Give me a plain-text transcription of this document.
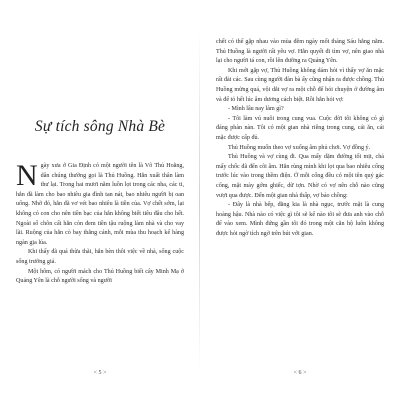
Sự tích sông Nhà Bè

Ngày xưa ở Gia Định có một người tên là Võ Thủ Hoằng, dân chúng thường gọi là Thủ Huồng. Hắn xuất thân làm thư lại. Trong hai mươi năm luồn lọt trong các nha, các ti, hắn đã làm cho bao nhiêu gia đình tan nát, bao nhiêu người bị oan uổng. Nhờ đó, hắn đã vơ vét bao nhiêu là tiền của. Vợ chết sớm, lại không có con cho nên tiền bạc của hắn không biết tiêu đâu cho hết. Ngoài số chôn cất hắn còn đem tiền tậu ruộng làm nhà và cho vay lãi. Ruộng của hắn cò bay thẳng cánh, mỗi mùa thu hoạch kể hàng ngàn gịa lúa.

Khi thấy đã quá thừa thãi, hắn bèn thôi việc về nhà, sống cuộc sống trưởng giả.

Một hôm, có người mách cho Thủ Huồng biết cây Minh Mạ ở Quảng Yên là chỗ người sống và người

< 5 >

chết có thể gặp nhau vào mùa đêm ngày mốt tháng Sáu hằng năm. Thủ Huồng là người rất yêu vợ. Hắn quyết đi tìm vợ, nên giao nhà lại cho người tá con, rồi lên đường ra Quảng Yên.

Khi mới gặp vợ, Thủ Huồng không dám hỏi vì thấy vợ ăn mặc rất đài các. Sau cùng người đàn bà ấy cũng nhận ra được chồng. Thủ Huồng mừng quá, vội dắt vợ ra một chỗ để hỏi chuyện ở đường âm và để tỏ hết lúc âm dương cách biệt. Rồi hắn hỏi vợ:

- Mình lâu nay làm gì?

- Tôi làm vú nuôi trong cung vua. Cuộc đời tôi không có gì đáng phàn nàn. Tôi có một gian nhà riêng trong cung, cái ăn, cái mặc được cấp đủ.

Thủ Huồng muốn theo vợ xuống âm phủ chơi. Vợ đồng ý.

Thủ Huồng và vợ cùng đi. Qua mấy dặm đường tối mịt, chả mấy chốc đã đến cõi âm. Hắn rùng mình khi lọt qua bao nhiêu cổng trước lúc vào trong thềm điện. Ở mỗi cổng đều có một tên quỷ gác cổng, mặt mày gớm ghiếc, dữ tợn. Nhờ có vợ nên chỗ nào cũng vượt qua được. Đến một gian nhà thấp, vợ bảo chồng:

- Đây là nhà bếp, đằng kia là nhà ngục, trước mặt là cung hoàng hậu. Nhà nào có việc gì tôi sẽ kể nào tôi sẽ đưa anh vào chỗ để vào xem. Mình đứng gần tôi đó trong một căn hộ luôn không được hỏi ngờ tích ngờ trên bút với gian.

< 6 >
